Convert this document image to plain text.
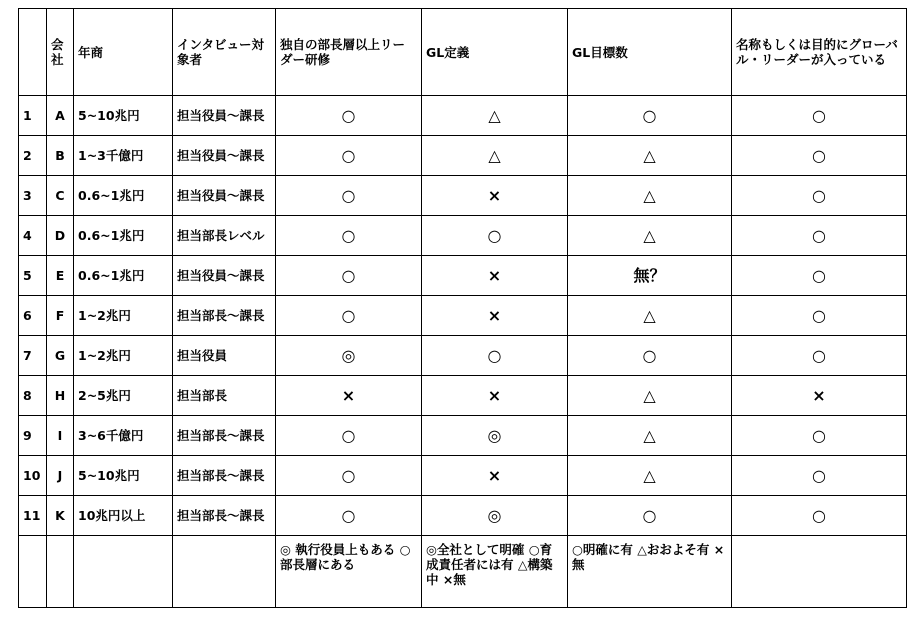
	会社	年商	インタビュー対象者	独自の部長層以上リーダー研修	GL定義	GL目標数	名称もしくは目的にグローバル・リーダーが入っている
1	A	5~10兆円	担当役員～課長	○	△	○	○
2	B	1~3千億円	担当役員～課長	○	△	△	○
3	C	0.6~1兆円	担当役員～課長	○	×	△	○
4	D	0.6~1兆円	担当部長レベル	○	○	△	○
5	E	0.6~1兆円	担当役員～課長	○	×	無？	○
6	F	1~2兆円	担当部長～課長	○	×	△	○
7	G	1~2兆円	担当役員	◎	○	○	○
8	H	2~5兆円	担当部長	×	×	△	×
9	I	3~6千億円	担当部長～課長	○	◎	△	○
10	J	5~10兆円	担当部長～課長	○	×	△	○
11	K	10兆円以上	担当部長～課長	○	◎	○	○
				◎ 執行役員上もある ○ 部長層にある	◎全社として明確 ○育成責任者には有 △構築中 ×無	○明確に有 △おおよそ有 ×無	
